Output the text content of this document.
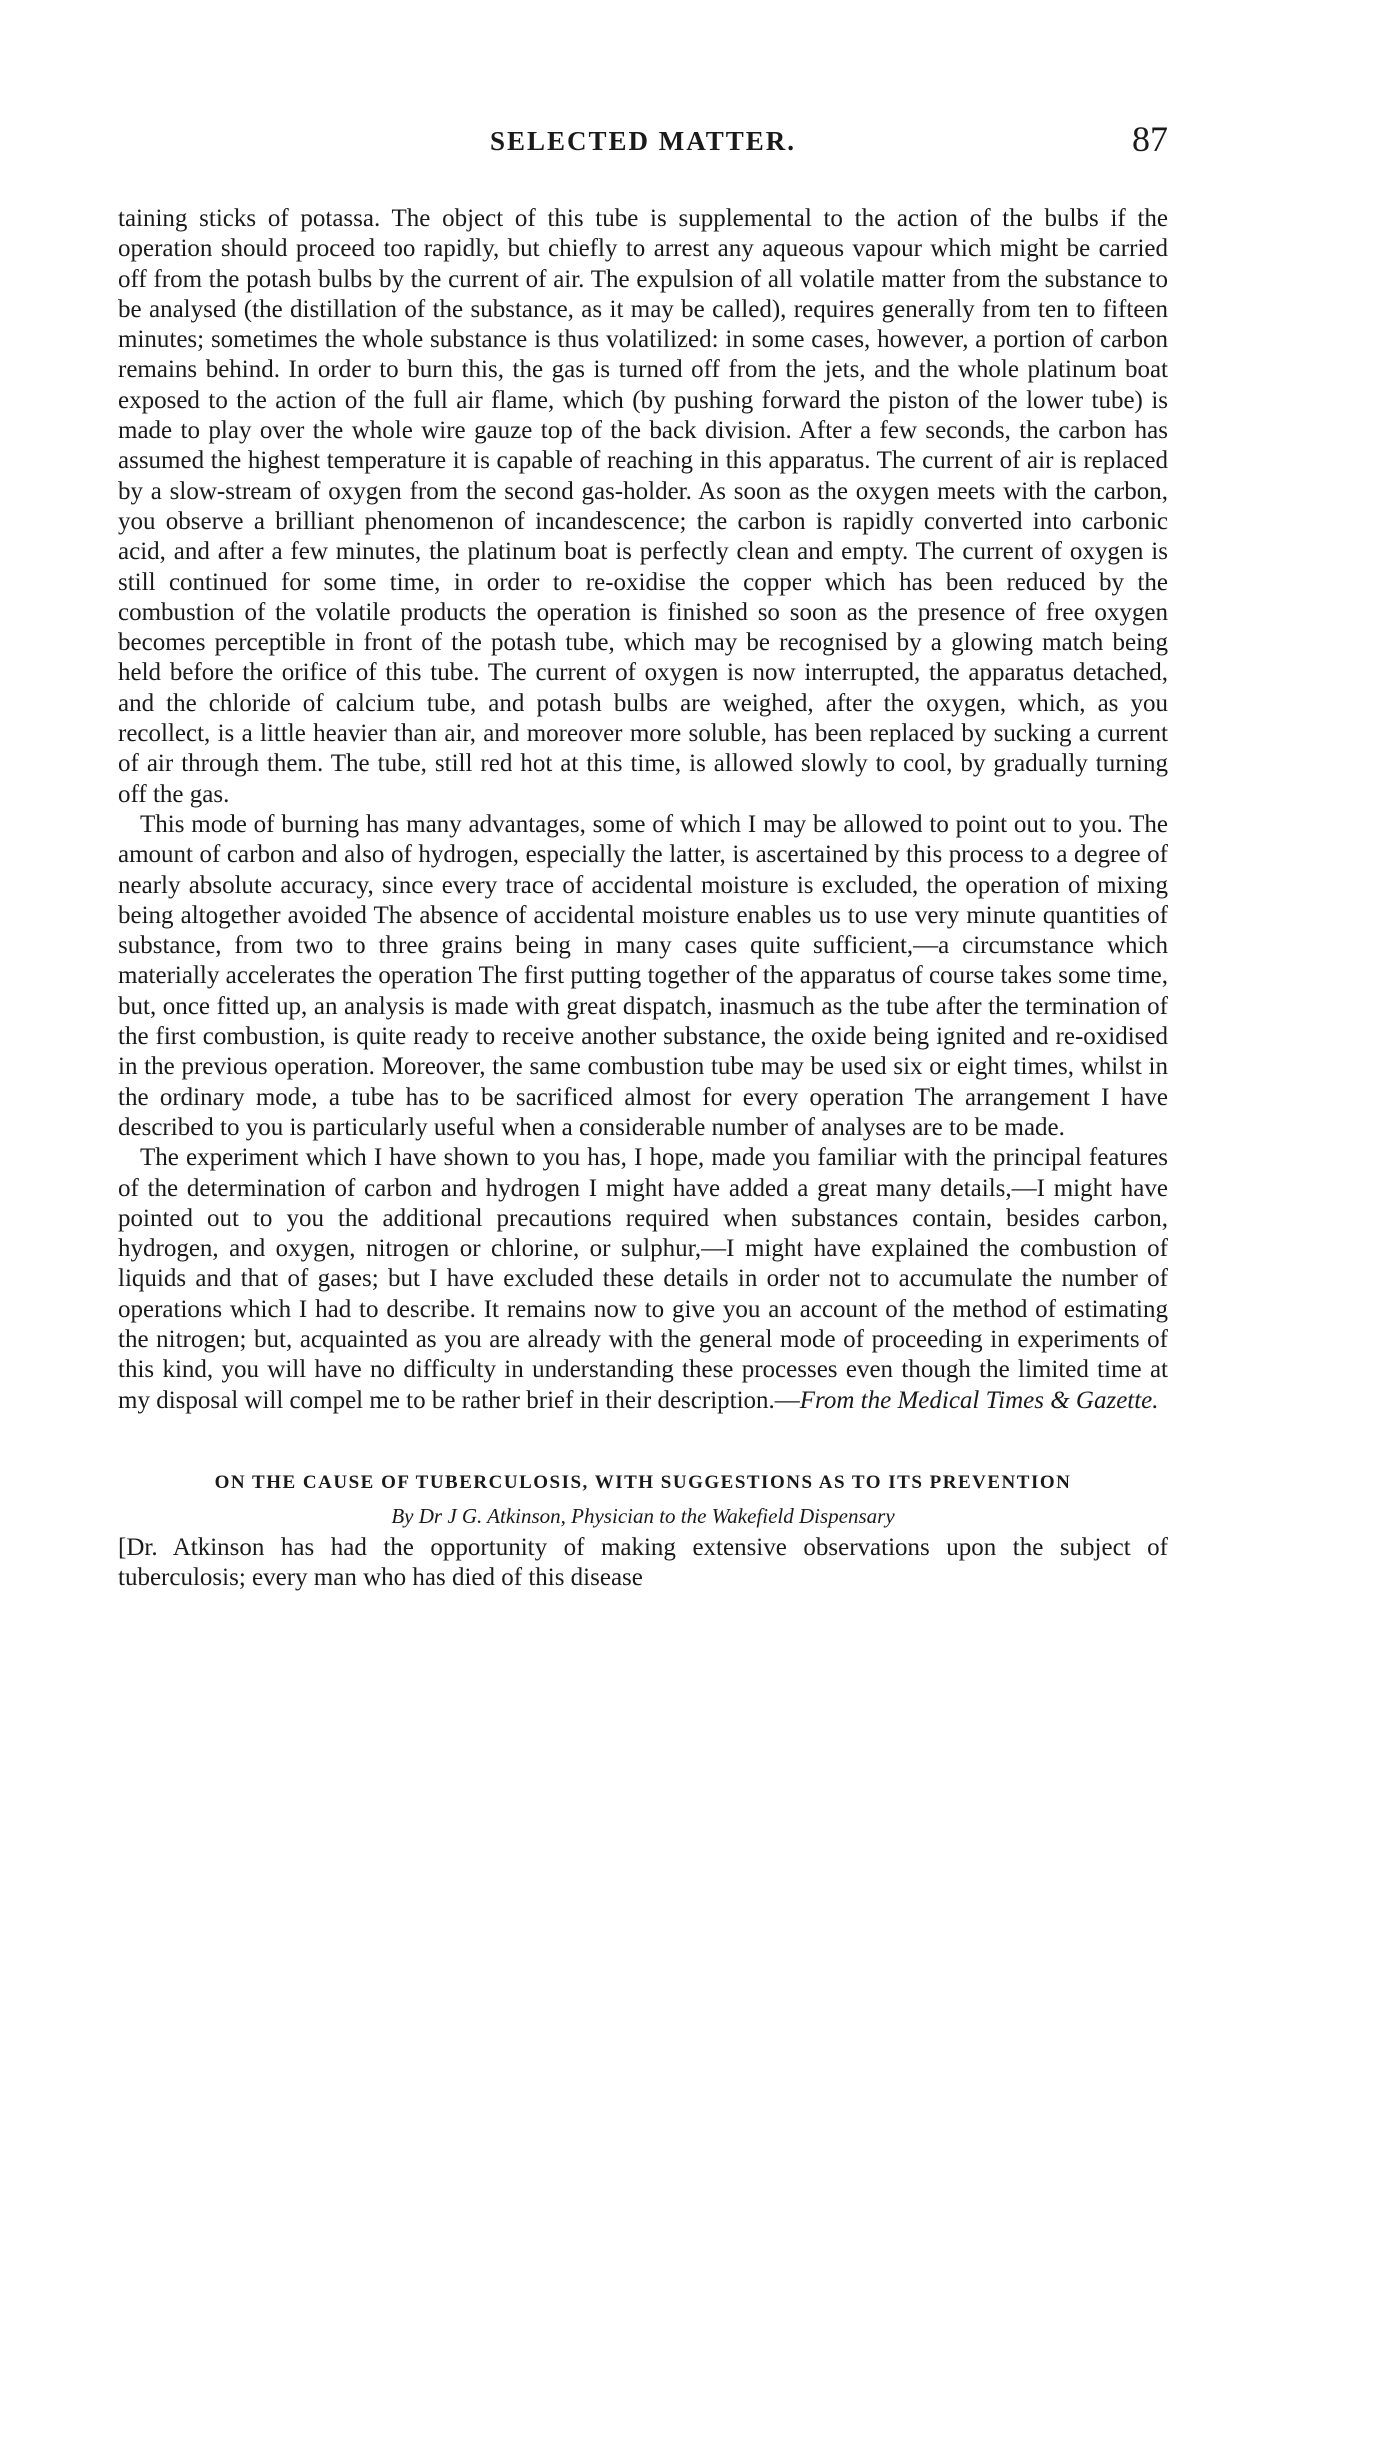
SELECTED MATTER.	87

taining sticks of potassa. The object of this tube is supplemental to the action of the bulbs if the operation should proceed too rapidly, but chiefly to arrest any aqueous vapour which might be carried off from the potash bulbs by the current of air. The expulsion of all volatile matter from the substance to be analysed (the distillation of the substance, as it may be called), requires generally from ten to fifteen minutes; sometimes the whole substance is thus volatilized: in some cases, however, a portion of carbon remains behind. In order to burn this, the gas is turned off from the jets, and the whole platinum boat exposed to the action of the full air flame, which (by pushing forward the piston of the lower tube) is made to play over the whole wire gauze top of the back division. After a few seconds, the carbon has assumed the highest temperature it is capable of reaching in this apparatus. The current of air is replaced by a slow-stream of oxygen from the second gas-holder. As soon as the oxygen meets with the carbon, you observe a brilliant phenomenon of incandescence; the carbon is rapidly converted into carbonic acid, and after a few minutes, the platinum boat is perfectly clean and empty. The current of oxygen is still continued for some time, in order to re-oxidise the copper which has been reduced by the combustion of the volatile products the operation is finished so soon as the presence of free oxygen becomes perceptible in front of the potash tube, which may be recognised by a glowing match being held before the orifice of this tube. The current of oxygen is now interrupted, the apparatus detached, and the chloride of calcium tube, and potash bulbs are weighed, after the oxygen, which, as you recollect, is a little heavier than air, and moreover more soluble, has been replaced by sucking a current of air through them. The tube, still red hot at this time, is allowed slowly to cool, by gradually turning off the gas.

This mode of burning has many advantages, some of which I may be allowed to point out to you. The amount of carbon and also of hydrogen, especially the latter, is ascertained by this process to a degree of nearly absolute accuracy, since every trace of accidental moisture is excluded, the operation of mixing being altogether avoided The absence of accidental moisture enables us to use very minute quantities of substance, from two to three grains being in many cases quite sufficient,—a circumstance which materially accelerates the operation The first putting together of the apparatus of course takes some time, but, once fitted up, an analysis is made with great dispatch, inasmuch as the tube after the termination of the first combustion, is quite ready to receive another substance, the oxide being ignited and re-oxidised in the previous operation. Moreover, the same combustion tube may be used six or eight times, whilst in the ordinary mode, a tube has to be sacrificed almost for every operation The arrangement I have described to you is particularly useful when a considerable number of analyses are to be made.

The experiment which I have shown to you has, I hope, made you familiar with the principal features of the determination of carbon and hydrogen I might have added a great many details,—I might have pointed out to you the additional precautions required when substances contain, besides carbon, hydrogen, and oxygen, nitrogen or chlorine, or sulphur,—I might have explained the combustion of liquids and that of gases; but I have excluded these details in order not to accumulate the number of operations which I had to describe. It remains now to give you an account of the method of estimating the nitrogen; but, acquainted as you are already with the general mode of proceeding in experiments of this kind, you will have no difficulty in understanding these processes even though the limited time at my disposal will compel me to be rather brief in their description.—From the Medical Times & Gazette.

ON THE CAUSE OF TUBERCULOSIS, WITH SUGGESTIONS AS TO ITS PREVENTION
By Dr J G. Atkinson, Physician to the Wakefield Dispensary

[Dr. Atkinson has had the opportunity of making extensive observations upon the subject of tuberculosis; every man who has died of this disease
